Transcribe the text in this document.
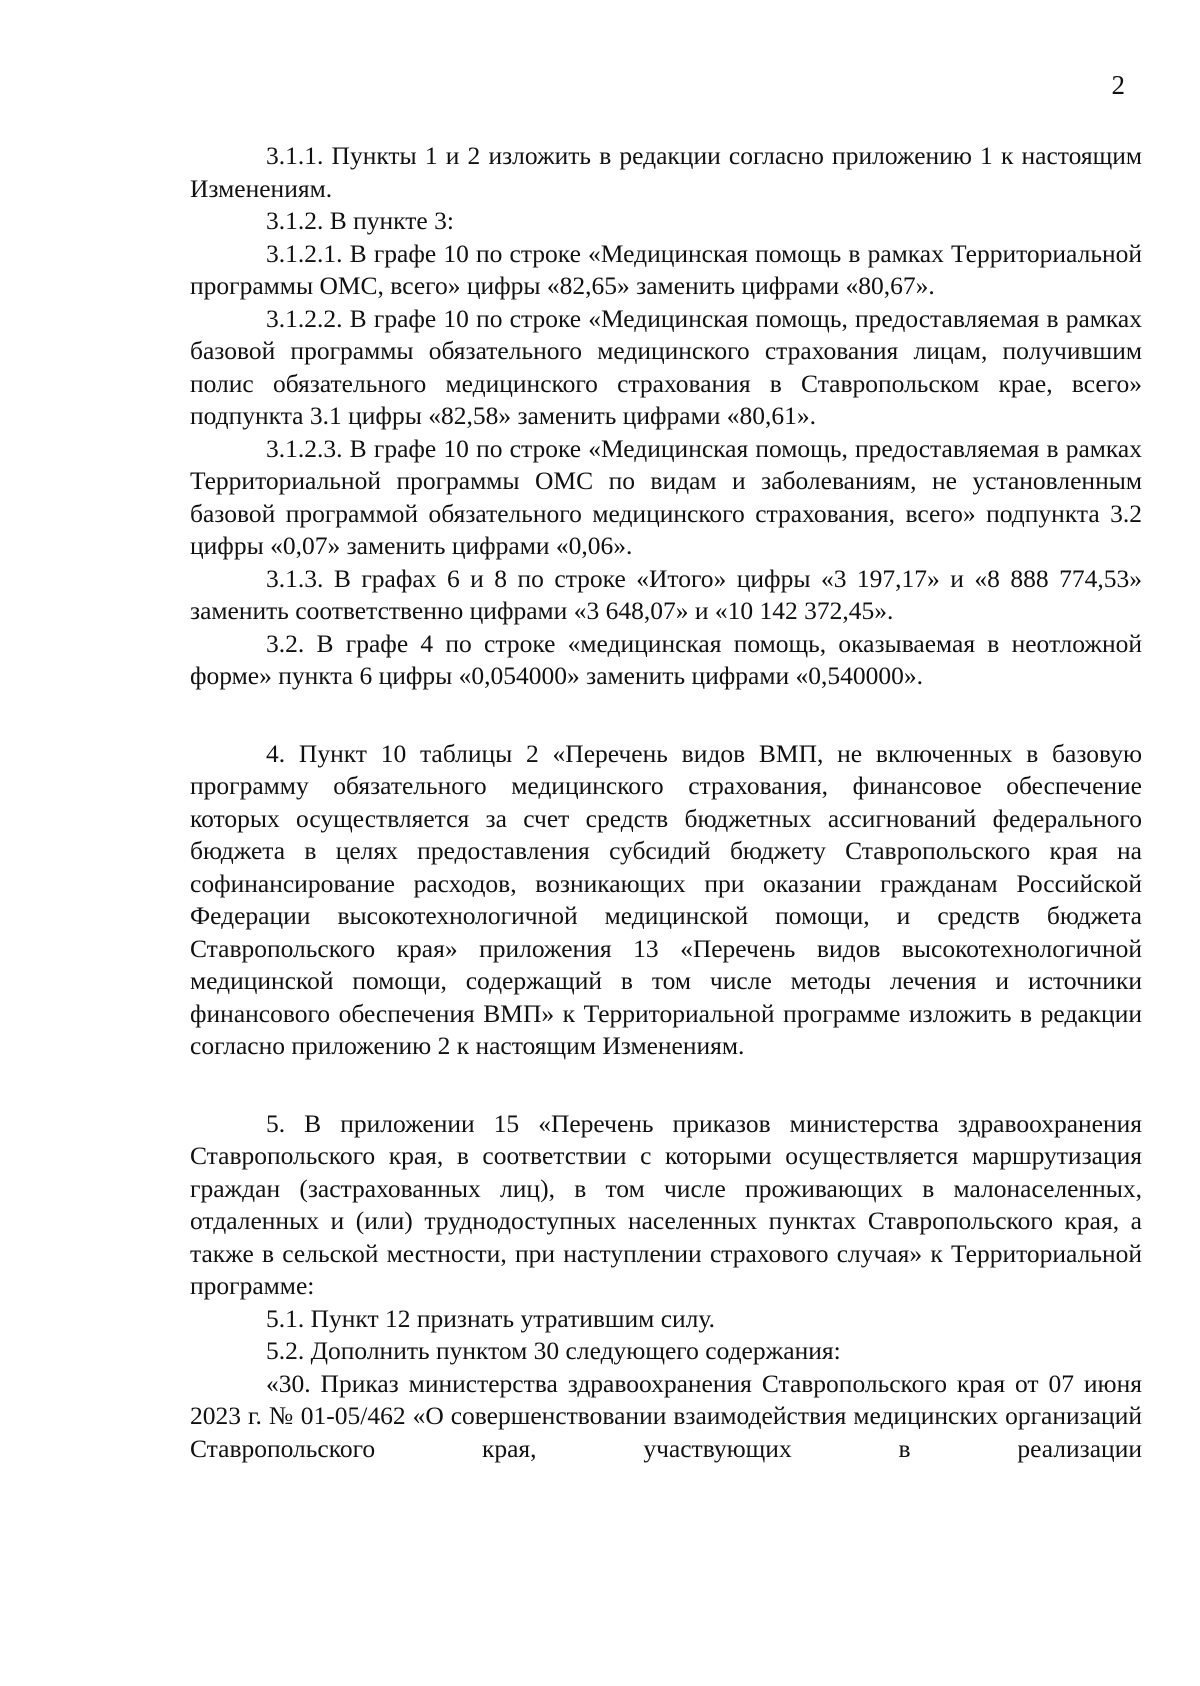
2

3.1.1. Пункты 1 и 2 изложить в редакции согласно приложению 1 к настоящим Изменениям.

3.1.2. В пункте 3:

3.1.2.1. В графе 10 по строке «Медицинская помощь в рамках Территориальной программы ОМС, всего» цифры «82,65» заменить цифрами «80,67».

3.1.2.2. В графе 10 по строке «Медицинская помощь, предоставляемая в рамках базовой программы обязательного медицинского страхования лицам, получившим полис обязательного медицинского страхования в Ставропольском крае, всего» подпункта 3.1 цифры «82,58» заменить цифрами «80,61».

3.1.2.3. В графе 10 по строке «Медицинская помощь, предоставляемая в рамках Территориальной программы ОМС по видам и заболеваниям, не установленным базовой программой обязательного медицинского страхования, всего» подпункта 3.2 цифры «0,07» заменить цифрами «0,06».

3.1.3. В графах 6 и 8 по строке «Итого» цифры «3 197,17» и «8 888 774,53» заменить соответственно цифрами «3 648,07» и «10 142 372,45».

3.2. В графе 4 по строке «медицинская помощь, оказываемая в неотложной форме» пункта 6 цифры «0,054000» заменить цифрами «0,540000».

4. Пункт 10 таблицы 2 «Перечень видов ВМП, не включенных в базовую программу обязательного медицинского страхования, финансовое обеспечение которых осуществляется за счет средств бюджетных ассигнований федерального бюджета в целях предоставления субсидий бюджету Ставропольского края на софинансирование расходов, возникающих при оказании гражданам Российской Федерации высокотехнологичной медицинской помощи, и средств бюджета Ставропольского края» приложения 13 «Перечень видов высокотехнологичной медицинской помощи, содержащий в том числе методы лечения и источники финансового обеспечения ВМП» к Территориальной программе изложить в редакции согласно приложению 2 к настоящим Изменениям.

5. В приложении 15 «Перечень приказов министерства здравоохранения Ставропольского края, в соответствии с которыми осуществляется маршрутизация граждан (застрахованных лиц), в том числе проживающих в малонаселенных, отдаленных и (или) труднодоступных населенных пунктах Ставропольского края, а также в сельской местности, при наступлении страхового случая» к Территориальной программе:

5.1. Пункт 12 признать утратившим силу.

5.2. Дополнить пунктом 30 следующего содержания:

«30. Приказ министерства здравоохранения Ставропольского края от 07 июня 2023 г. № 01-05/462 «О совершенствовании взаимодействия медицинских организаций Ставропольского края, участвующих в реализации
